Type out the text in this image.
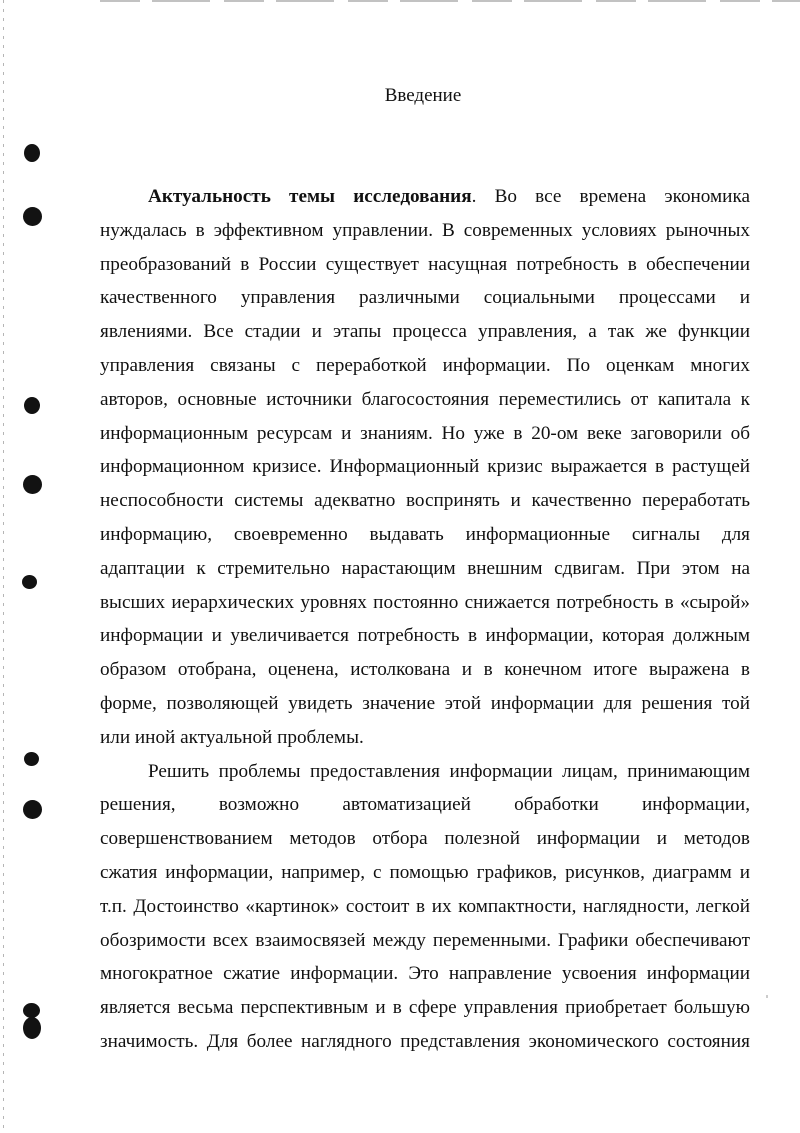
Введение
Актуальность темы исследования. Во все времена экономика
нуждалась в эффективном управлении. В современных условиях рыночных
преобразований в России существует насущная потребность в обеспечении
качественного управления различными социальными процессами и
явлениями. Все стадии и этапы процесса управления, а так же функции
управления связаны с переработкой информации. По оценкам многих
авторов, основные источники благосостояния переместились от капитала к
информационным ресурсам и знаниям. Но уже в 20-ом веке заговорили об
информационном кризисе. Информационный кризис выражается в растущей
неспособности системы адекватно воспринять и качественно переработать
информацию, своевременно выдавать информационные сигналы для
адаптации к стремительно нарастающим внешним сдвигам. При этом на
высших иерархических уровнях постоянно снижается потребность в «сырой»
информации и увеличивается потребность в информации, которая должным
образом отобрана, оценена, истолкована и в конечном итоге выражена в
форме, позволяющей увидеть значение этой информации для решения той
или иной актуальной проблемы.
Решить проблемы предоставления информации лицам, принимающим
решения, возможно автоматизацией обработки информации,
совершенствованием методов отбора полезной информации и методов
сжатия информации, например, с помощью графиков, рисунков, диаграмм и
т.п. Достоинство «картинок» состоит в их компактности, наглядности, легкой
обозримости всех взаимосвязей между переменными. Графики обеспечивают
многократное сжатие информации. Это направление усвоения информации
является весьма перспективным и в сфере управления приобретает большую
значимость. Для более наглядного представления экономического состояния
